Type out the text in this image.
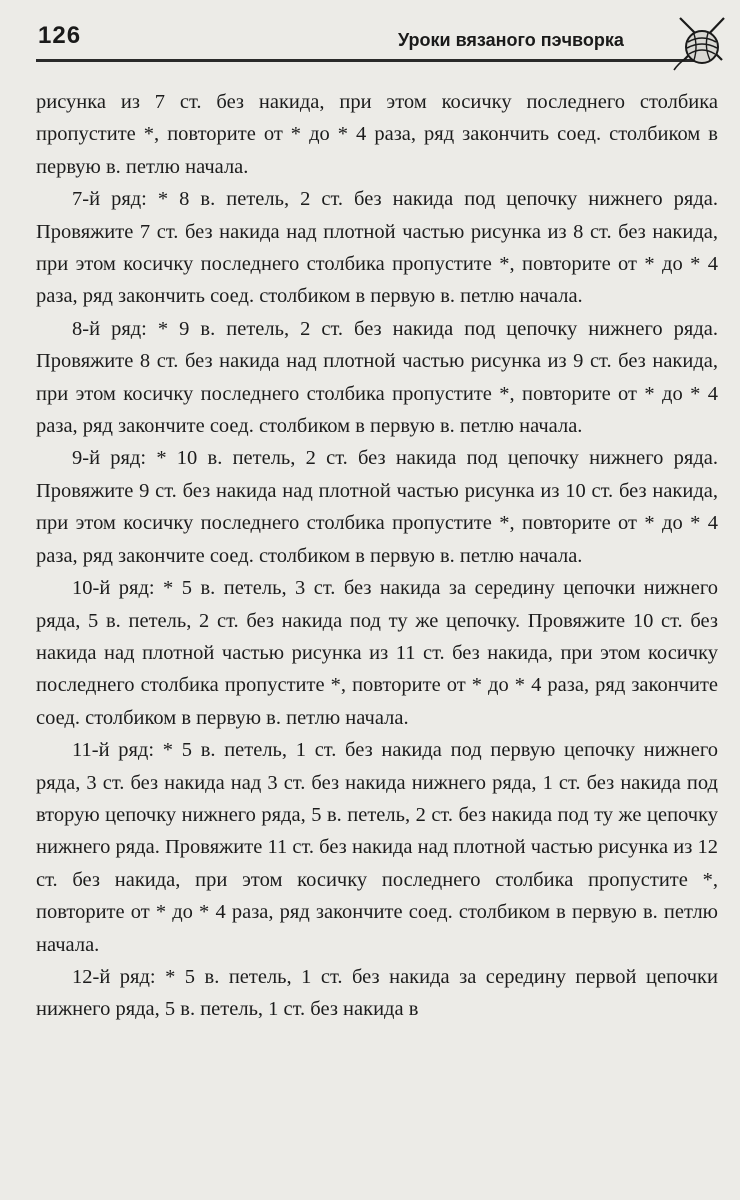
126	Уроки вязаного пэчворка

рисунка из 7 ст. без накида, при этом косичку последнего столбика пропустите *, повторите от * до * 4 раза, ряд закончить соед. столбиком в первую в. петлю начала.

7-й ряд: * 8 в. петель, 2 ст. без накида под цепочку нижнего ряда. Провяжите 7 ст. без накида над плотной частью рисунка из 8 ст. без накида, при этом косичку последнего столбика пропустите *, повторите от * до * 4 раза, ряд закончить соед. столбиком в первую в. петлю начала.

8-й ряд: * 9 в. петель, 2 ст. без накида под цепочку нижнего ряда. Провяжите 8 ст. без накида над плотной частью рисунка из 9 ст. без накида, при этом косичку последнего столбика пропустите *, повторите от * до * 4 раза, ряд закончите соед. столбиком в первую в. петлю начала.

9-й ряд: * 10 в. петель, 2 ст. без накида под цепочку нижнего ряда. Провяжите 9 ст. без накида над плотной частью рисунка из 10 ст. без накида, при этом косичку последнего столбика пропустите *, повторите от * до * 4 раза, ряд закончите соед. столбиком в первую в. петлю начала.

10-й ряд: * 5 в. петель, 3 ст. без накида за середину цепочки нижнего ряда, 5 в. петель, 2 ст. без накида под ту же цепочку. Провяжите 10 ст. без накида над плотной частью рисунка из 11 ст. без накида, при этом косичку последнего столбика пропустите *, повторите от * до * 4 раза, ряд закончите соед. столбиком в первую в. петлю начала.

11-й ряд: * 5 в. петель, 1 ст. без накида под первую цепочку нижнего ряда, 3 ст. без накида над 3 ст. без накида нижнего ряда, 1 ст. без накида под вторую цепочку нижнего ряда, 5 в. петель, 2 ст. без накида под ту же цепочку нижнего ряда. Провяжите 11 ст. без накида над плотной частью рисунка из 12 ст. без накида, при этом косичку последнего столбика пропустите *, повторите от * до * 4 раза, ряд закончите соед. столбиком в первую в. петлю начала.

12-й ряд: * 5 в. петель, 1 ст. без накида за середину первой цепочки нижнего ряда, 5 в. петель, 1 ст. без накида в
